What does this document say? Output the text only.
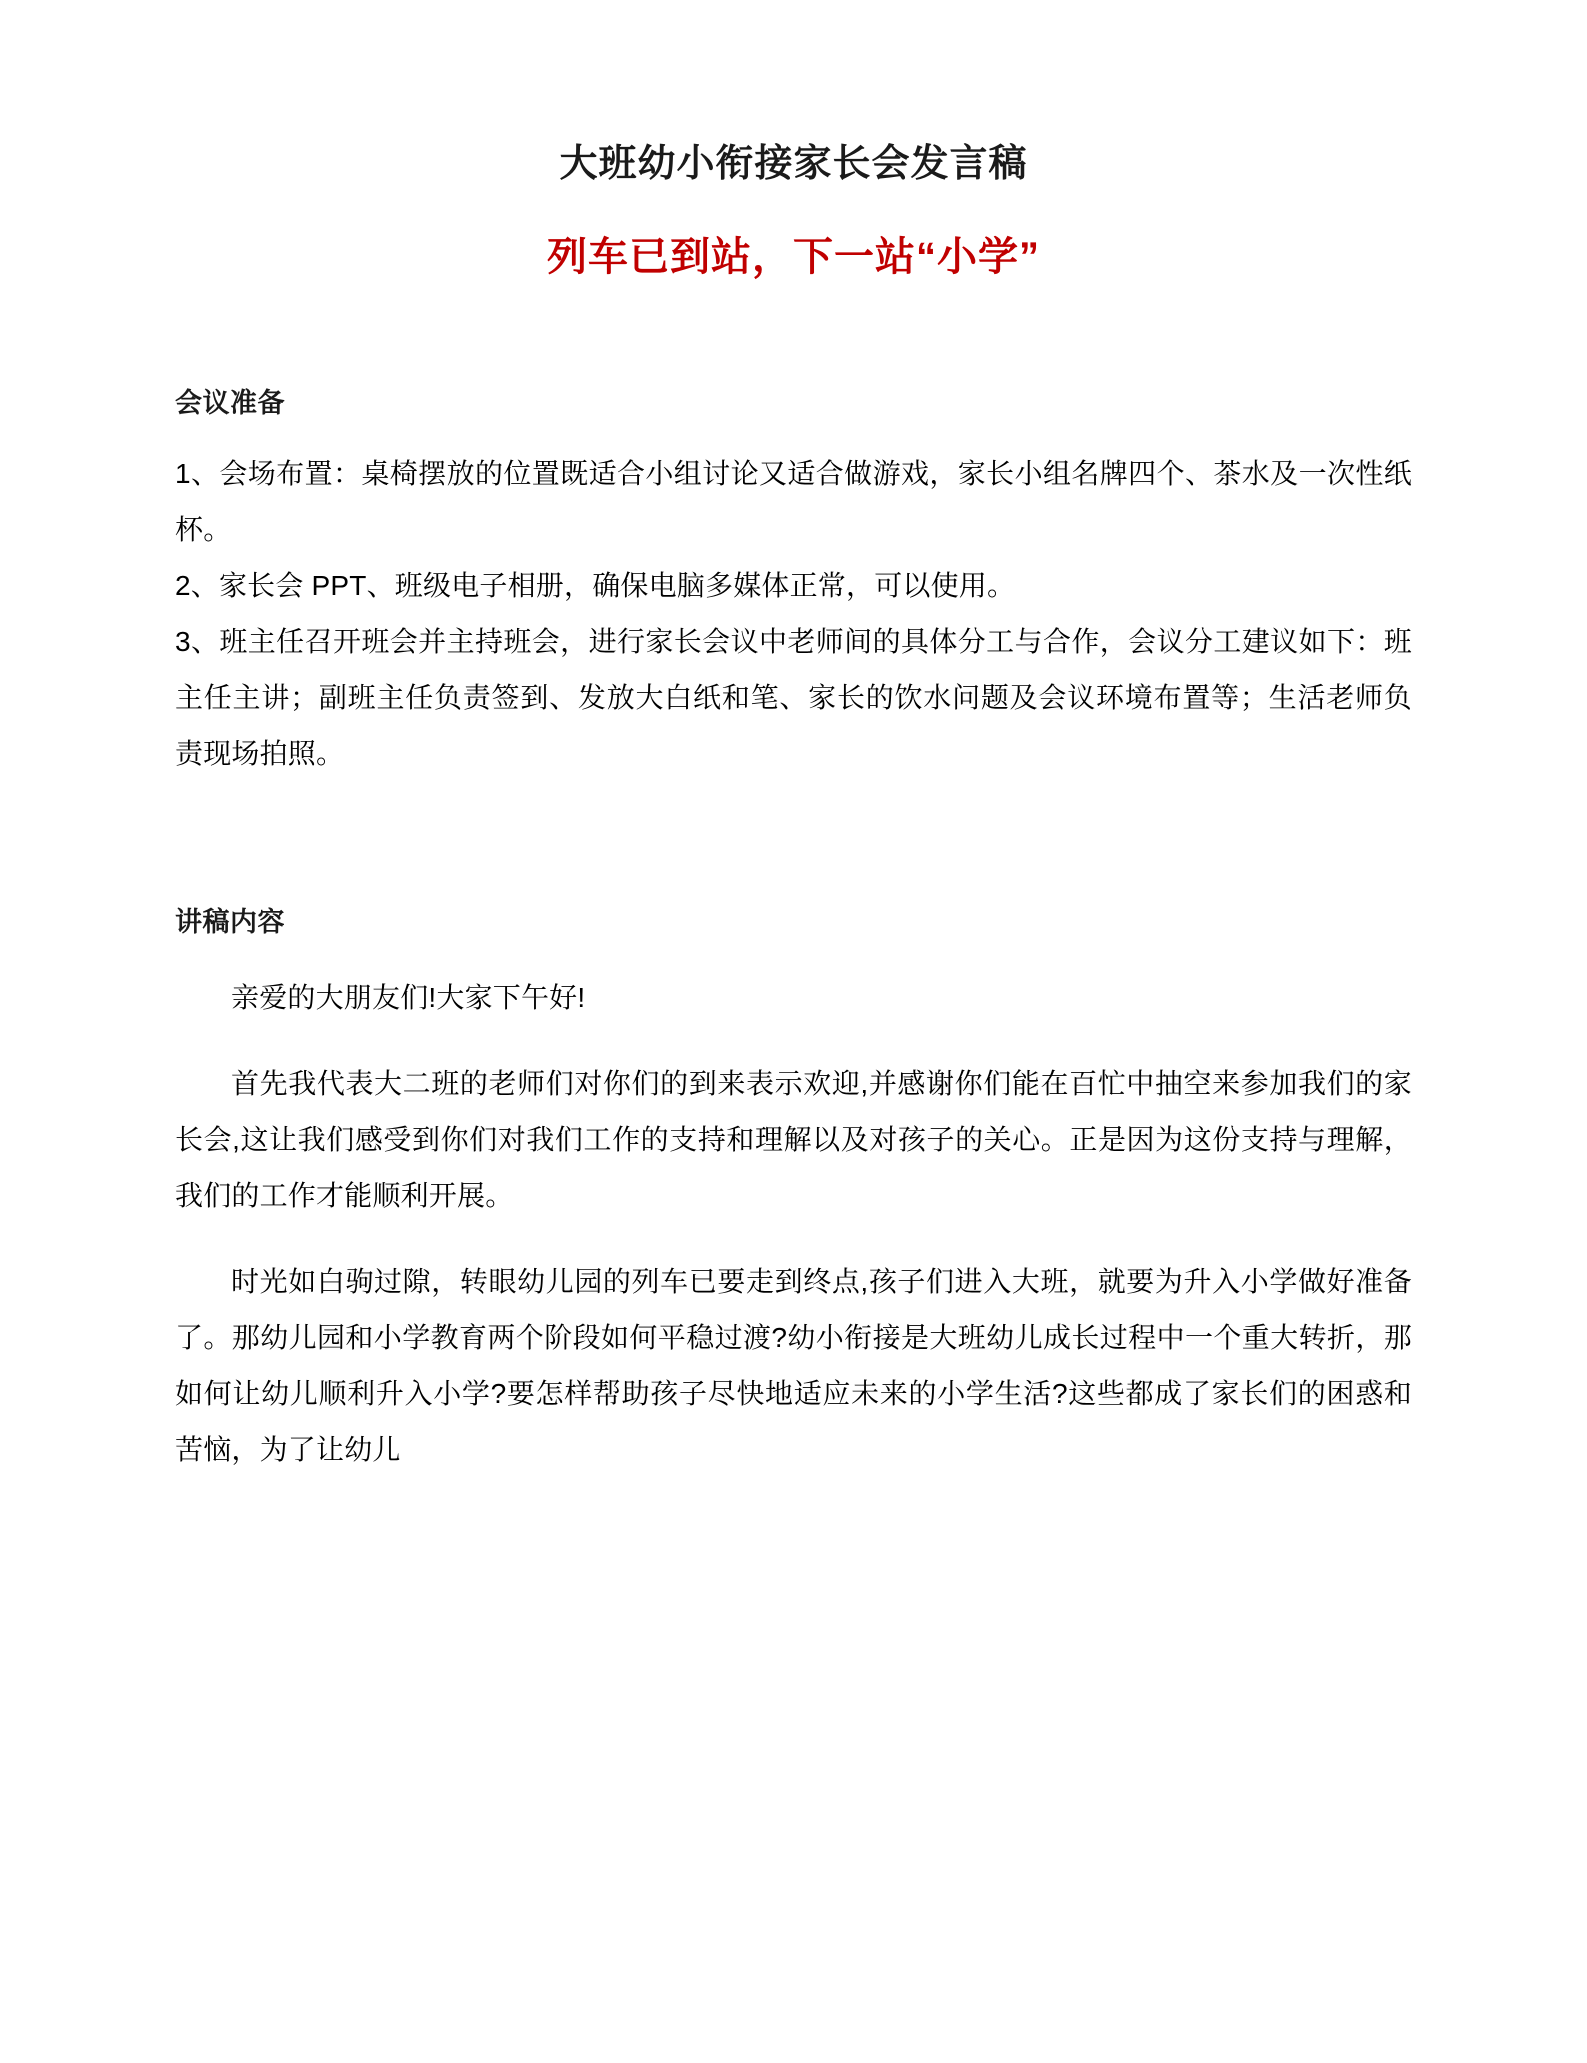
大班幼小衔接家长会发言稿
列车已到站，下一站“小学”
会议准备

1、会场布置：桌椅摆放的位置既适合小组讨论又适合做游戏，家长小组名牌四个、茶水及一次性纸杯。

2、家长会 PPT、班级电子相册，确保电脑多媒体正常，可以使用。

3、班主任召开班会并主持班会，进行家长会议中老师间的具体分工与合作，会议分工建议如下：班主任主讲；副班主任负责签到、发放大白纸和笔、家长的饮水问题及会议环境布置等；生活老师负责现场拍照。

讲稿内容

亲爱的大朋友们!大家下午好!

首先我代表大二班的老师们对你们的到来表示欢迎,并感谢你们能在百忙中抽空来参加我们的家长会,这让我们感受到你们对我们工作的支持和理解以及对孩子的关心。正是因为这份支持与理解，我们的工作才能顺利开展。

时光如白驹过隙，转眼幼儿园的列车已要走到终点,孩子们进入大班，就要为升入小学做好准备了。那幼儿园和小学教育两个阶段如何平稳过渡?幼小衔接是大班幼儿成长过程中一个重大转折，那如何让幼儿顺利升入小学?要怎样帮助孩子尽快地适应未来的小学生活?这些都成了家长们的困惑和苦恼，为了让幼儿
